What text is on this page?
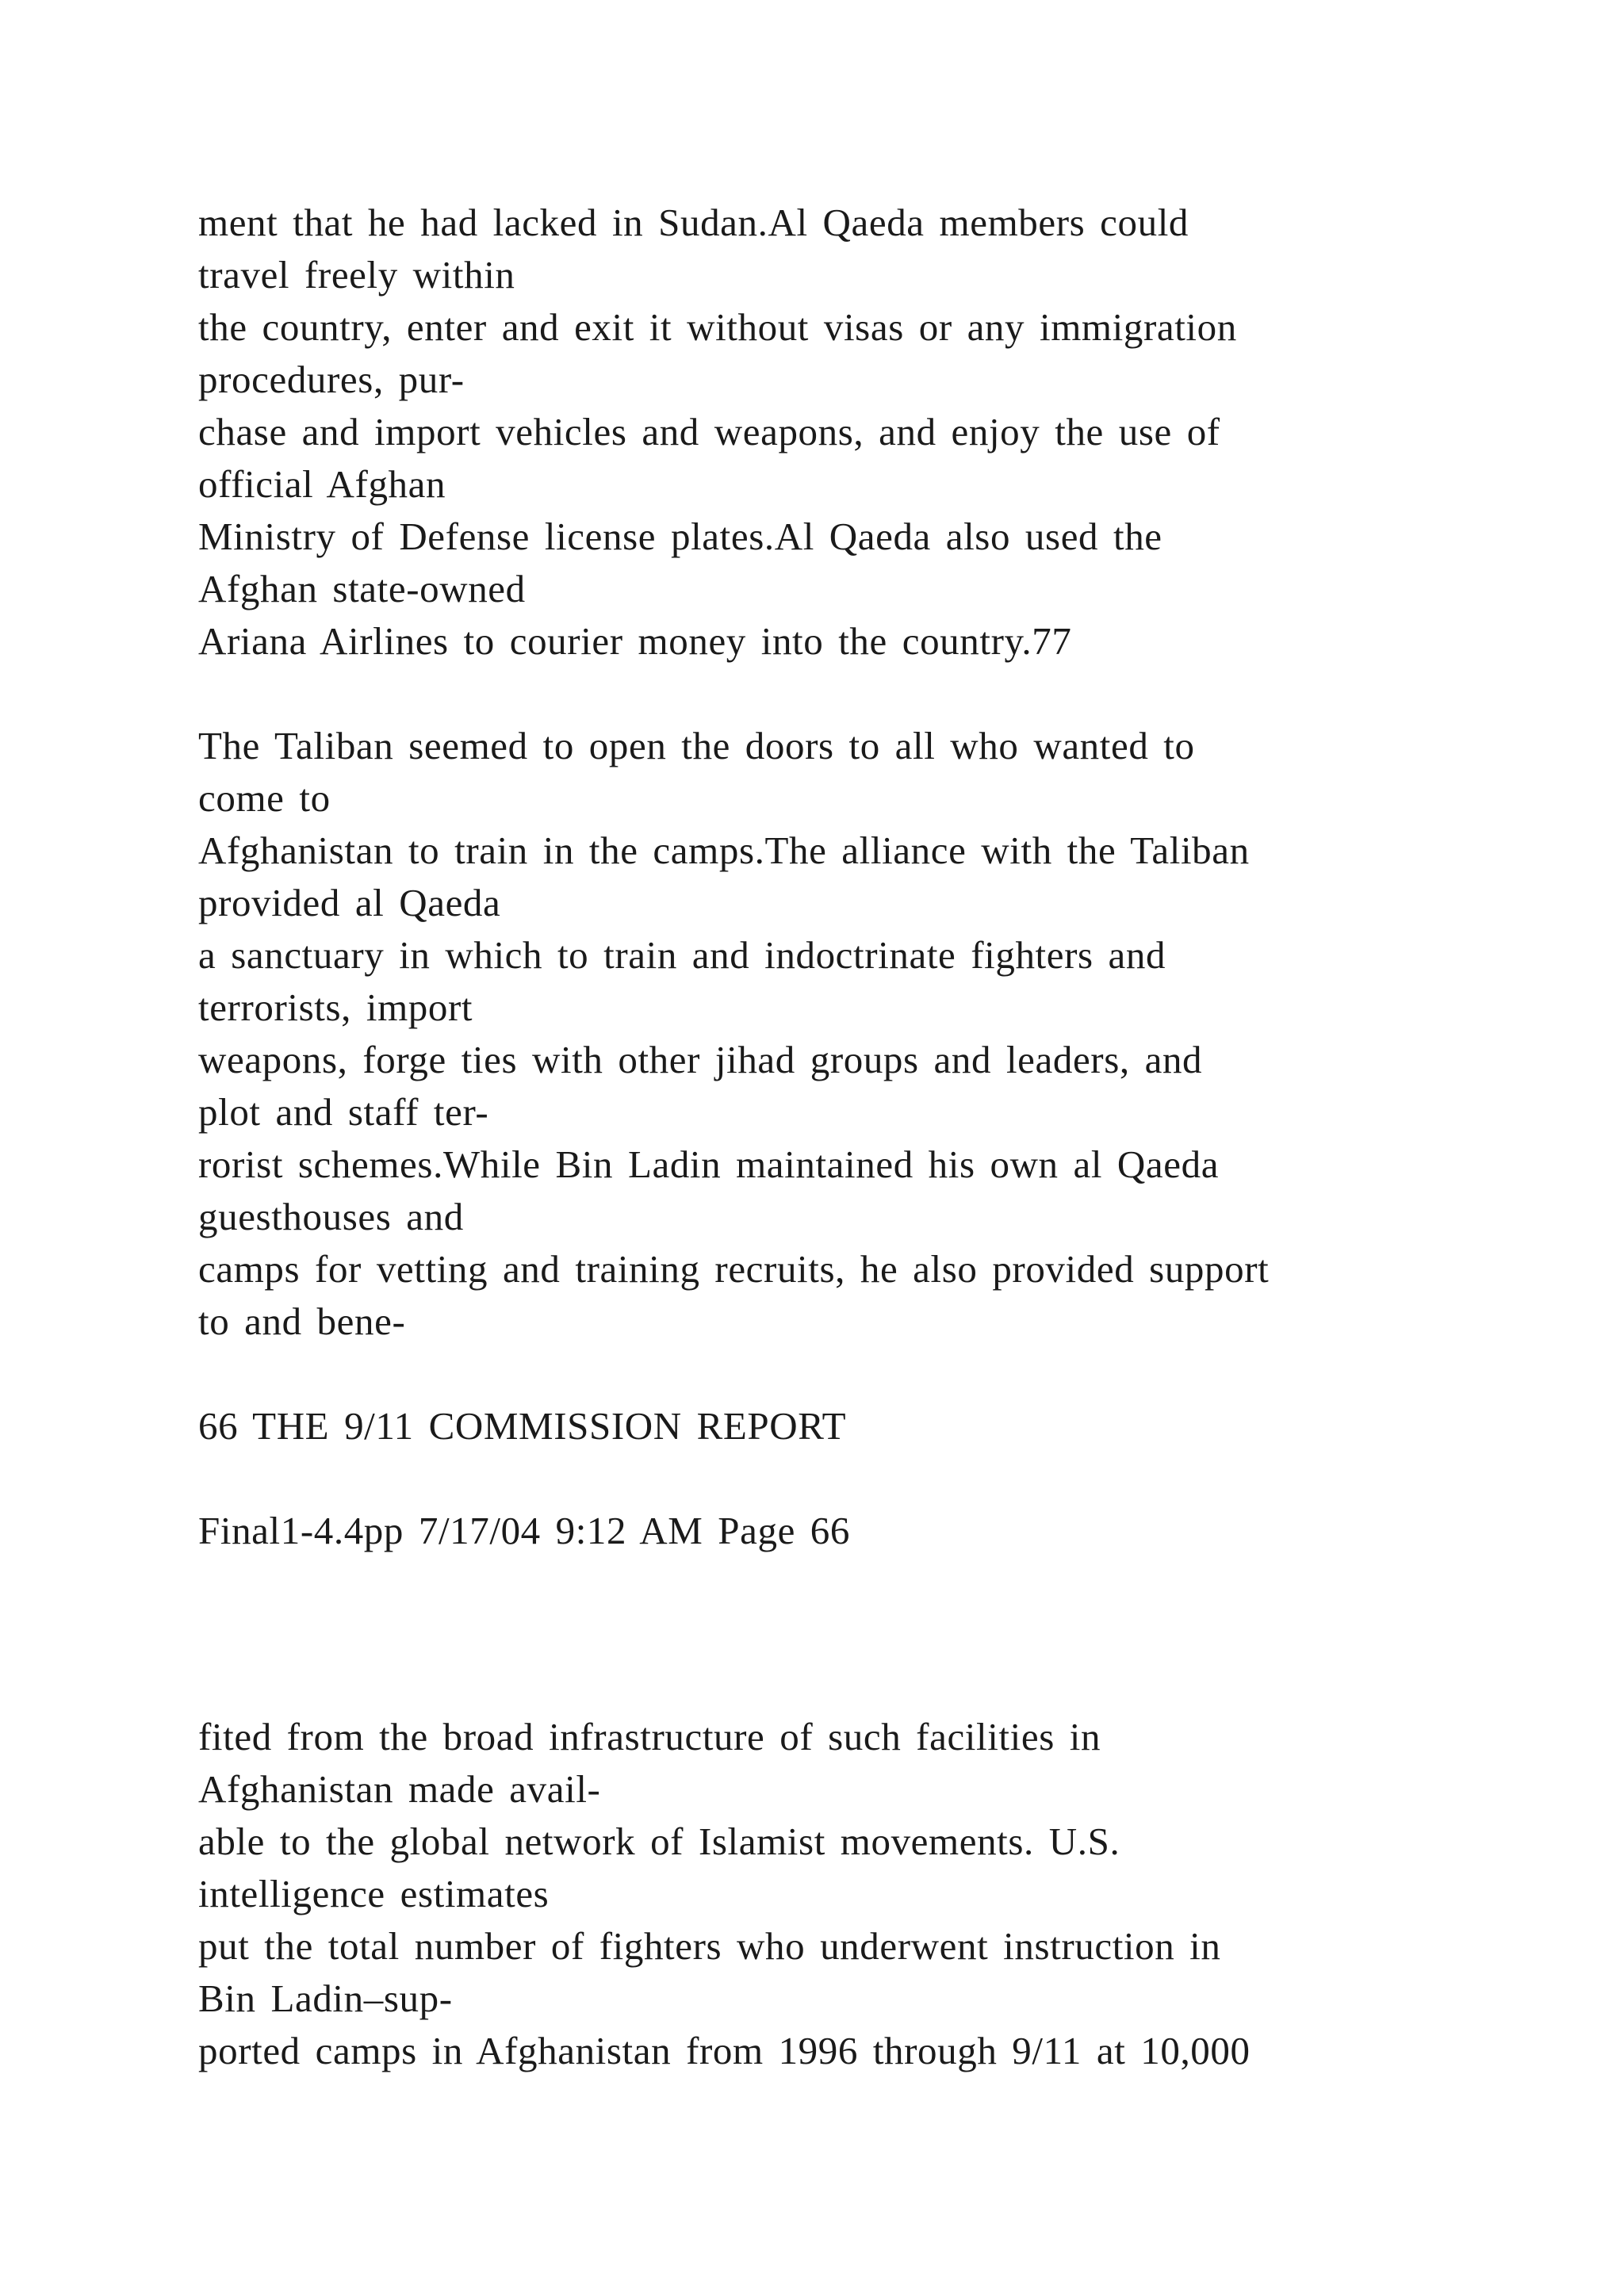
ment that he had lacked in Sudan.Al Qaeda members could
travel freely within
the country, enter and exit it without visas or any immigration
procedures, pur-
chase and import vehicles and weapons, and enjoy the use of
official Afghan
Ministry of Defense license plates.Al Qaeda also used the
Afghan state-owned
Ariana Airlines to courier money into the country.77
The Taliban seemed to open the doors to all who wanted to
come to
Afghanistan to train in the camps.The alliance with the Taliban
provided al Qaeda
a sanctuary in which to train and indoctrinate fighters and
terrorists, import
weapons, forge ties with other jihad groups and leaders, and
plot and staff ter-
rorist schemes.While Bin Ladin maintained his own al Qaeda
guesthouses and
camps for vetting and training recruits, he also provided support
to and bene-
66 THE 9/11 COMMISSION REPORT
Final1-4.4pp 7/17/04 9:12 AM Page 66
fited from the broad infrastructure of such facilities in
Afghanistan made avail-
able to the global network of Islamist movements. U.S.
intelligence estimates
put the total number of fighters who underwent instruction in
Bin Ladin–sup-
ported camps in Afghanistan from 1996 through 9/11 at 10,000
